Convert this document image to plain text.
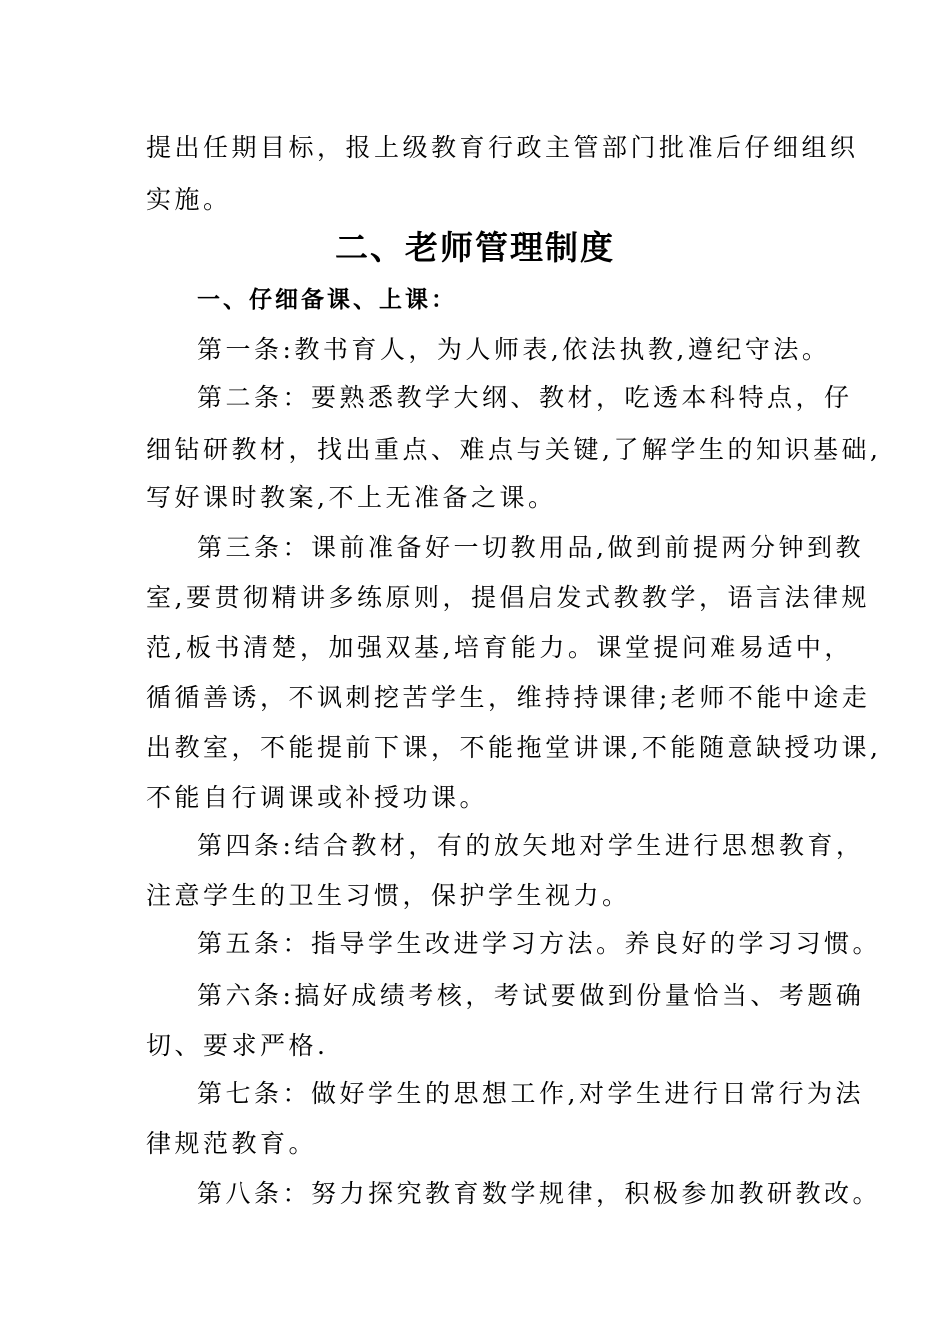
提出任期目标，报上级教育行政主管部门批准后仔细组织
实施。
二、老师管理制度
一、仔细备课、上课：
第一条:教书育人，为人师表,依法执教,遵纪守法。
第二条：要熟悉教学大纲、教材，吃透本科特点，仔
细钻研教材，找出重点、难点与关键,了解学生的知识基础,
写好课时教案,不上无准备之课。
第三条：课前准备好一切教用品,做到前提两分钟到教
室,要贯彻精讲多练原则，提倡启发式教教学，语言法律规
范,板书清楚，加强双基,培育能力。课堂提问难易适中，
循循善诱，不讽刺挖苦学生，维持持课律;老师不能中途走
出教室，不能提前下课，不能拖堂讲课,不能随意缺授功课,
不能自行调课或补授功课。
第四条:结合教材，有的放矢地对学生进行思想教育，
注意学生的卫生习惯，保护学生视力。
第五条：指导学生改进学习方法。养良好的学习习惯。
第六条:搞好成绩考核，考试要做到份量恰当、考题确
切、要求严格.
第七条：做好学生的思想工作,对学生进行日常行为法
律规范教育。
第八条：努力探究教育数学规律，积极参加教研教改。
